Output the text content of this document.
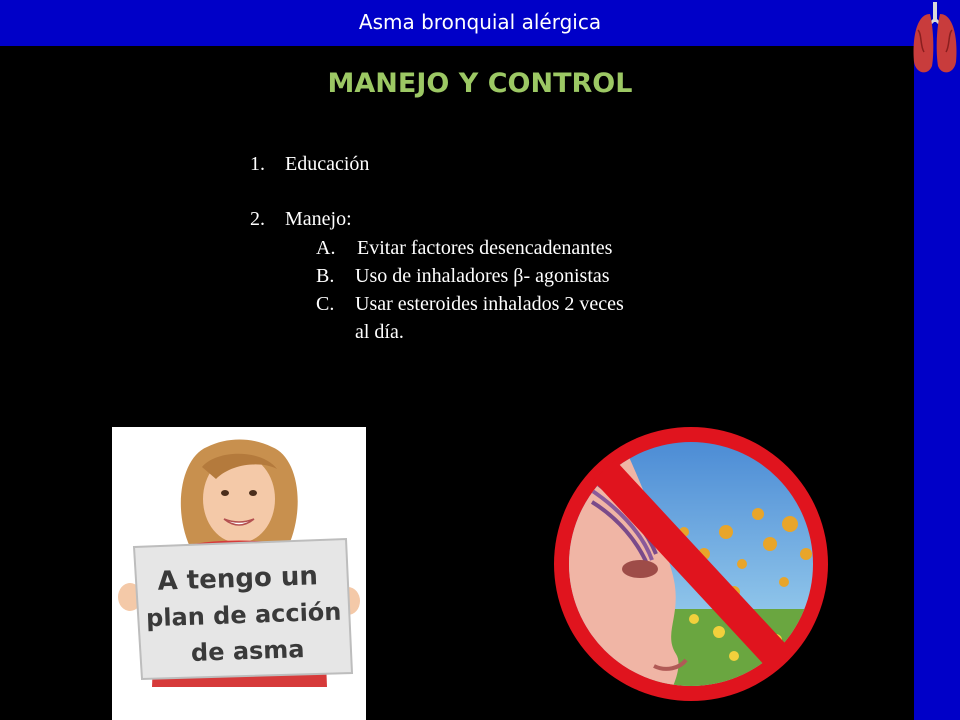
Asma bronquial alérgica
MANEJO Y CONTROL
1. Educación
2. Manejo:
A. Evitar factores desencadenantes
B. Uso de inhaladores β- agonistas
C. Usar esteroides inhalados 2 veces
al día.
A tengo un
plan de acción
de asma
